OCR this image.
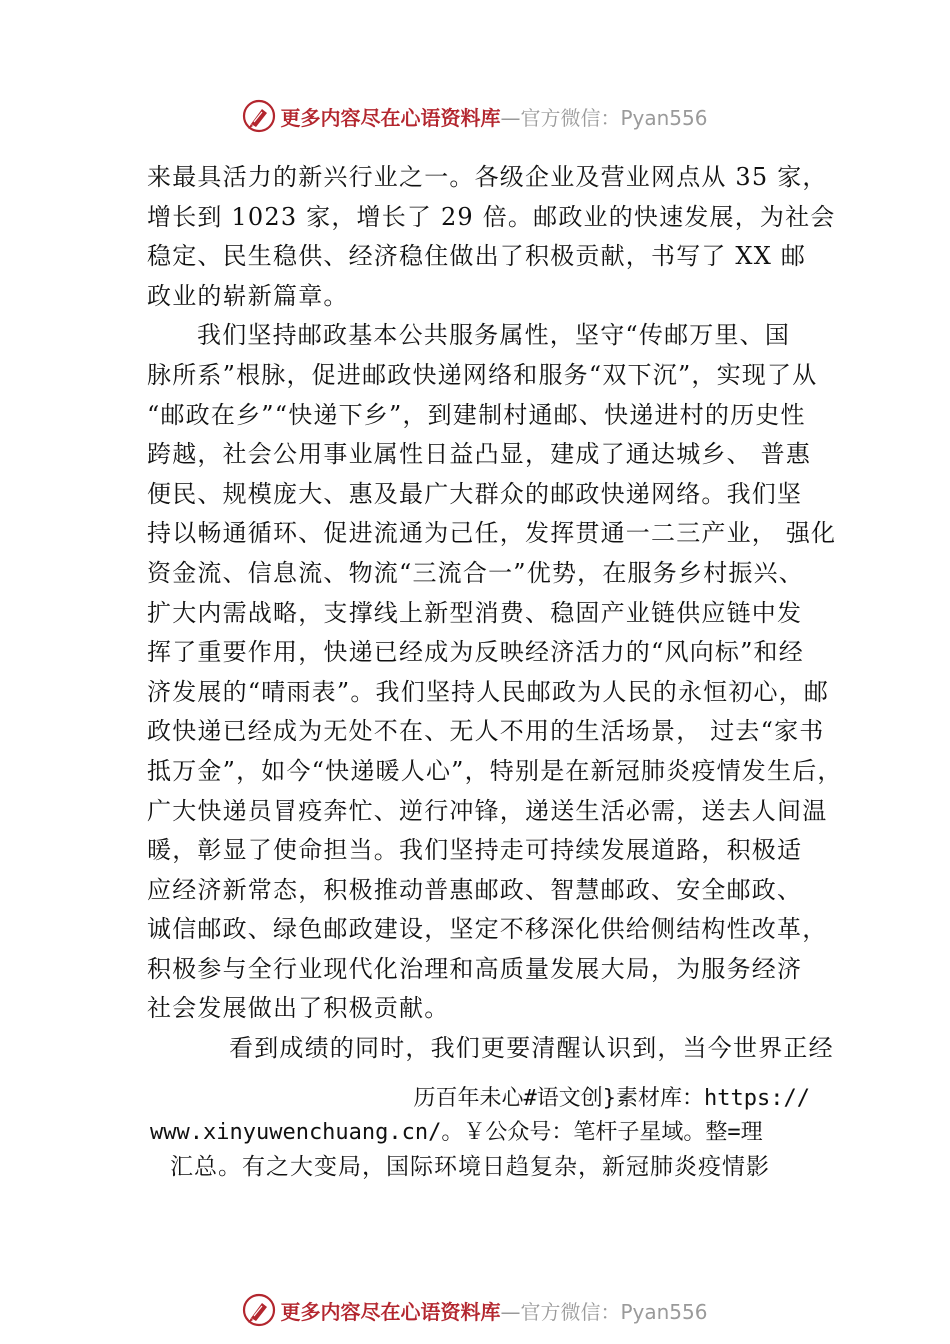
更多内容尽在心语资料库 —官方微信：Pyan556
来最具活力的新兴行业之一。各级企业及营业网点从 35 家，
增长到 1023 家，增长了 29 倍。邮政业的快速发展，为社会
稳定、民生稳供、经济稳住做出了积极贡献，书写了 XX 邮
政业的崭新篇章。
我们坚持邮政基本公共服务属性，坚守“传邮万里、国
脉所系”根脉，促进邮政快递网络和服务“双下沉”，实现了从
“邮政在乡”“快递下乡”，到建制村通邮、快递进村的历史性
跨越，社会公用事业属性日益凸显，建成了通达城乡、 普惠
便民、规模庞大、惠及最广大群众的邮政快递网络。我们坚
持以畅通循环、促进流通为己任，发挥贯通一二三产业， 强化
资金流、信息流、物流“三流合一”优势，在服务乡村振兴、
扩大内需战略，支撑线上新型消费、稳固产业链供应链中发
挥了重要作用，快递已经成为反映经济活力的“风向标”和经
济发展的“晴雨表”。我们坚持人民邮政为人民的永恒初心，邮
政快递已经成为无处不在、无人不用的生活场景， 过去“家书
抵万金”，如今“快递暖人心”，特别是在新冠肺炎疫情发生后，
广大快递员冒疫奔忙、逆行冲锋，递送生活必需，送去人间温
暖，彰显了使命担当。我们坚持走可持续发展道路，积极适
应经济新常态，积极推动普惠邮政、智慧邮政、安全邮政、
诚信邮政、绿色邮政建设，坚定不移深化供给侧结构性改革，
积极参与全行业现代化治理和高质量发展大局，为服务经济
社会发展做出了积极贡献。
看到成绩的同时，我们更要清醒认识到，当今世界正经
历百年未心#语文创}素材库：https://
www.xinyuwenchuang.cn/。￥公众号：笔杆子星域。整=理
汇总。有之大变局，国际环境日趋复杂，新冠肺炎疫情影
更多内容尽在心语资料库 —官方微信：Pyan556
